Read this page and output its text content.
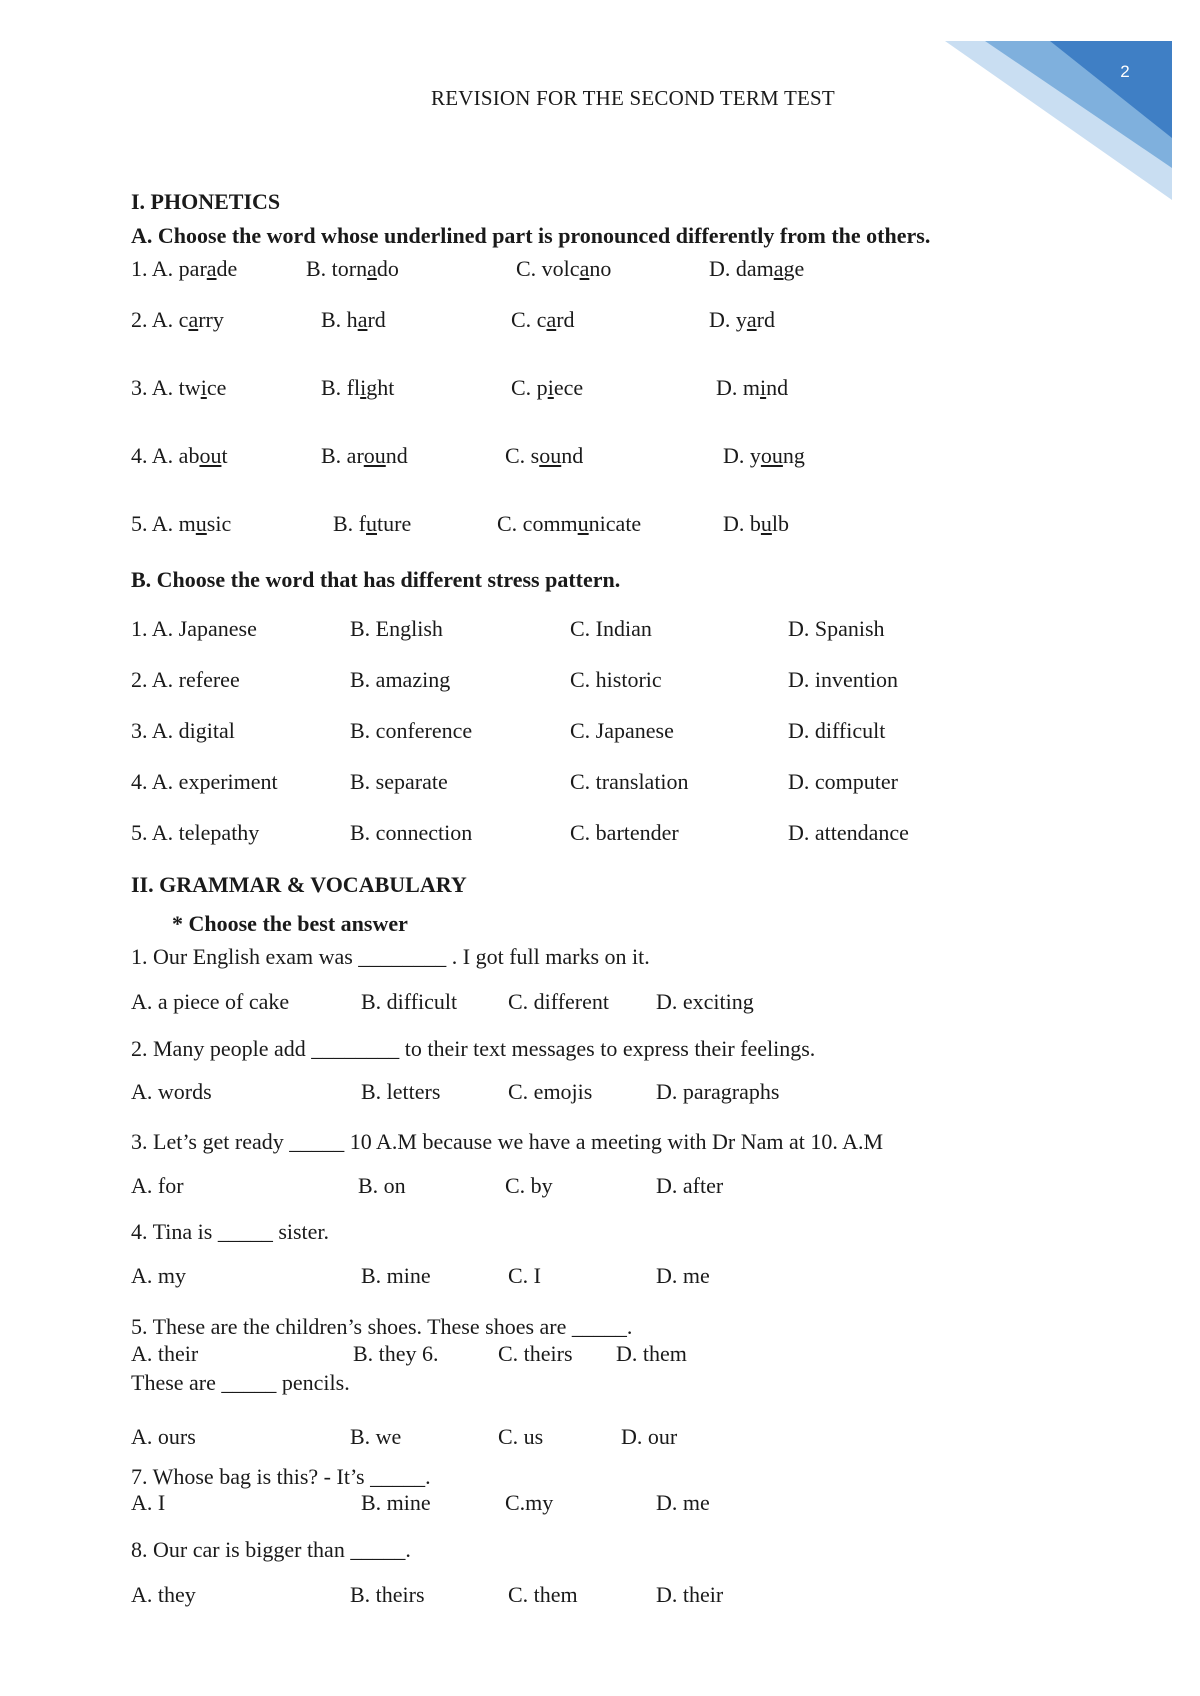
2
REVISION FOR THE SECOND TERM TEST
I. PHONETICS
A. Choose the word whose underlined part is pronounced differently from the others.
1. A. parade	B. tornado	C. volcano	D. damage
2. A. carry	B. hard	C. card	D. yard
3. A. twice	B. flight	C. piece	D. mind
4. A. about	B. around	C. sound	D. young
5. A. music	B. future	C. communicate	D. bulb
B. Choose the word that has different stress pattern.
1. A. Japanese	B. English	C. Indian	D. Spanish
2. A. referee	B. amazing	C. historic	D. invention
3. A. digital	B. conference	C. Japanese	D. difficult
4. A. experiment	B. separate	C. translation	D. computer
5. A. telepathy	B. connection	C. bartender	D. attendance
II. GRAMMAR & VOCABULARY
* Choose the best answer
1. Our English exam was ________ . I got full marks on it.
A. a piece of cake	B. difficult C. different D. exciting
2. Many people add ________ to their text messages to express their feelings.
A. words	B. letters	C. emojis	D. paragraphs
3. Let’s get ready _____ 10 A.M because we have a meeting with Dr Nam at 10. A.M
A. for	B. on	C. by	D. after
4. Tina is _____ sister.
A. my	B. mine	C. I	D. me
5. These are the children’s shoes. These shoes are _____.
A. their	B. they 6.	C. theirs D. them
These are _____ pencils.
A. ours	B. we	C. us	D. our
7. Whose bag is this? - It’s _____.
A. I	B. mine	C.my	D. me
8. Our car is bigger than _____.
A. they	B. theirs	C. them	D. their
